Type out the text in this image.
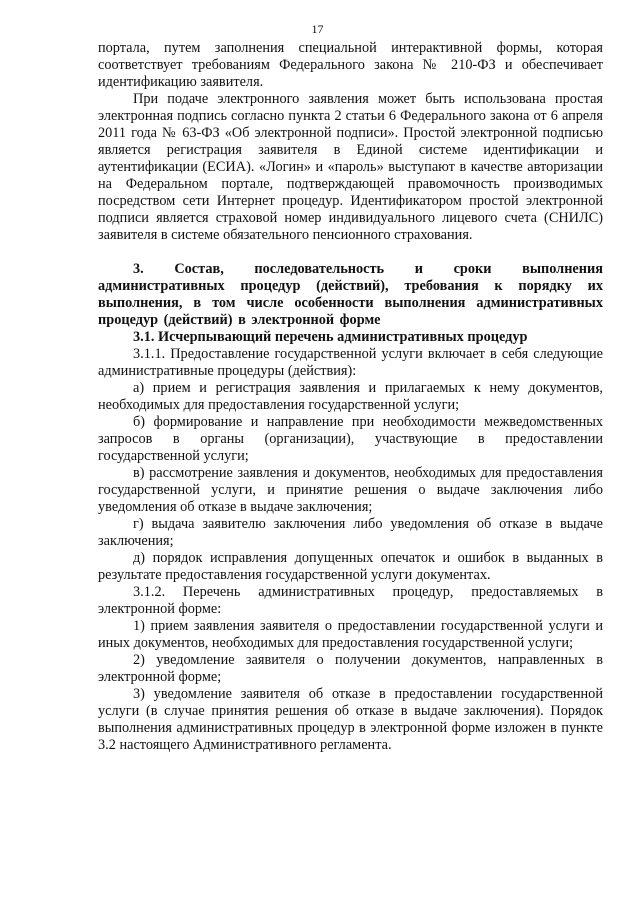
17

портала, путем заполнения специальной интерактивной формы, которая соответствует требованиям Федерального закона № 210-ФЗ и обеспечивает идентификацию заявителя.

При подаче электронного заявления может быть использована простая электронная подпись согласно пункта 2 статьи 6 Федерального закона от 6 апреля 2011 года № 63-ФЗ «Об электронной подписи». Простой электронной подписью является регистрация заявителя в Единой системе идентификации и аутентификации (ЕСИА). «Логин» и «пароль» выступают в качестве авторизации на Федеральном портале, подтверждающей правомочность производимых посредством сети Интернет процедур. Идентификатором простой электронной подписи является страховой номер индивидуального лицевого счета (СНИЛС) заявителя в системе обязательного пенсионного страхования.

3. Состав, последовательность и сроки выполнения административных процедур (действий), требования к порядку их выполнения, в том числе особенности выполнения административных процедур (действий) в электронной форме

3.1. Исчерпывающий перечень административных процедур

3.1.1. Предоставление государственной услуги включает в себя следующие административные процедуры (действия):

а) прием и регистрация заявления и прилагаемых к нему документов, необходимых для предоставления государственной услуги;

б) формирование и направление при необходимости межведомственных запросов в органы (организации), участвующие в предоставлении государственной услуги;

в) рассмотрение заявления и документов, необходимых для предоставления государственной услуги, и принятие решения о выдаче заключения либо уведомления об отказе в выдаче заключения;

г) выдача заявителю заключения либо уведомления об отказе в выдаче заключения;

д) порядок исправления допущенных опечаток и ошибок в выданных в результате предоставления государственной услуги документах.

3.1.2. Перечень административных процедур, предоставляемых в электронной форме:

1) прием заявления заявителя о предоставлении государственной услуги и иных документов, необходимых для предоставления государственной услуги;

2) уведомление заявителя о получении документов, направленных в электронной форме;

3) уведомление заявителя об отказе в предоставлении государственной услуги (в случае принятия решения об отказе в выдаче заключения). Порядок выполнения административных процедур в электронной форме изложен в пункте 3.2 настоящего Административного регламента.
